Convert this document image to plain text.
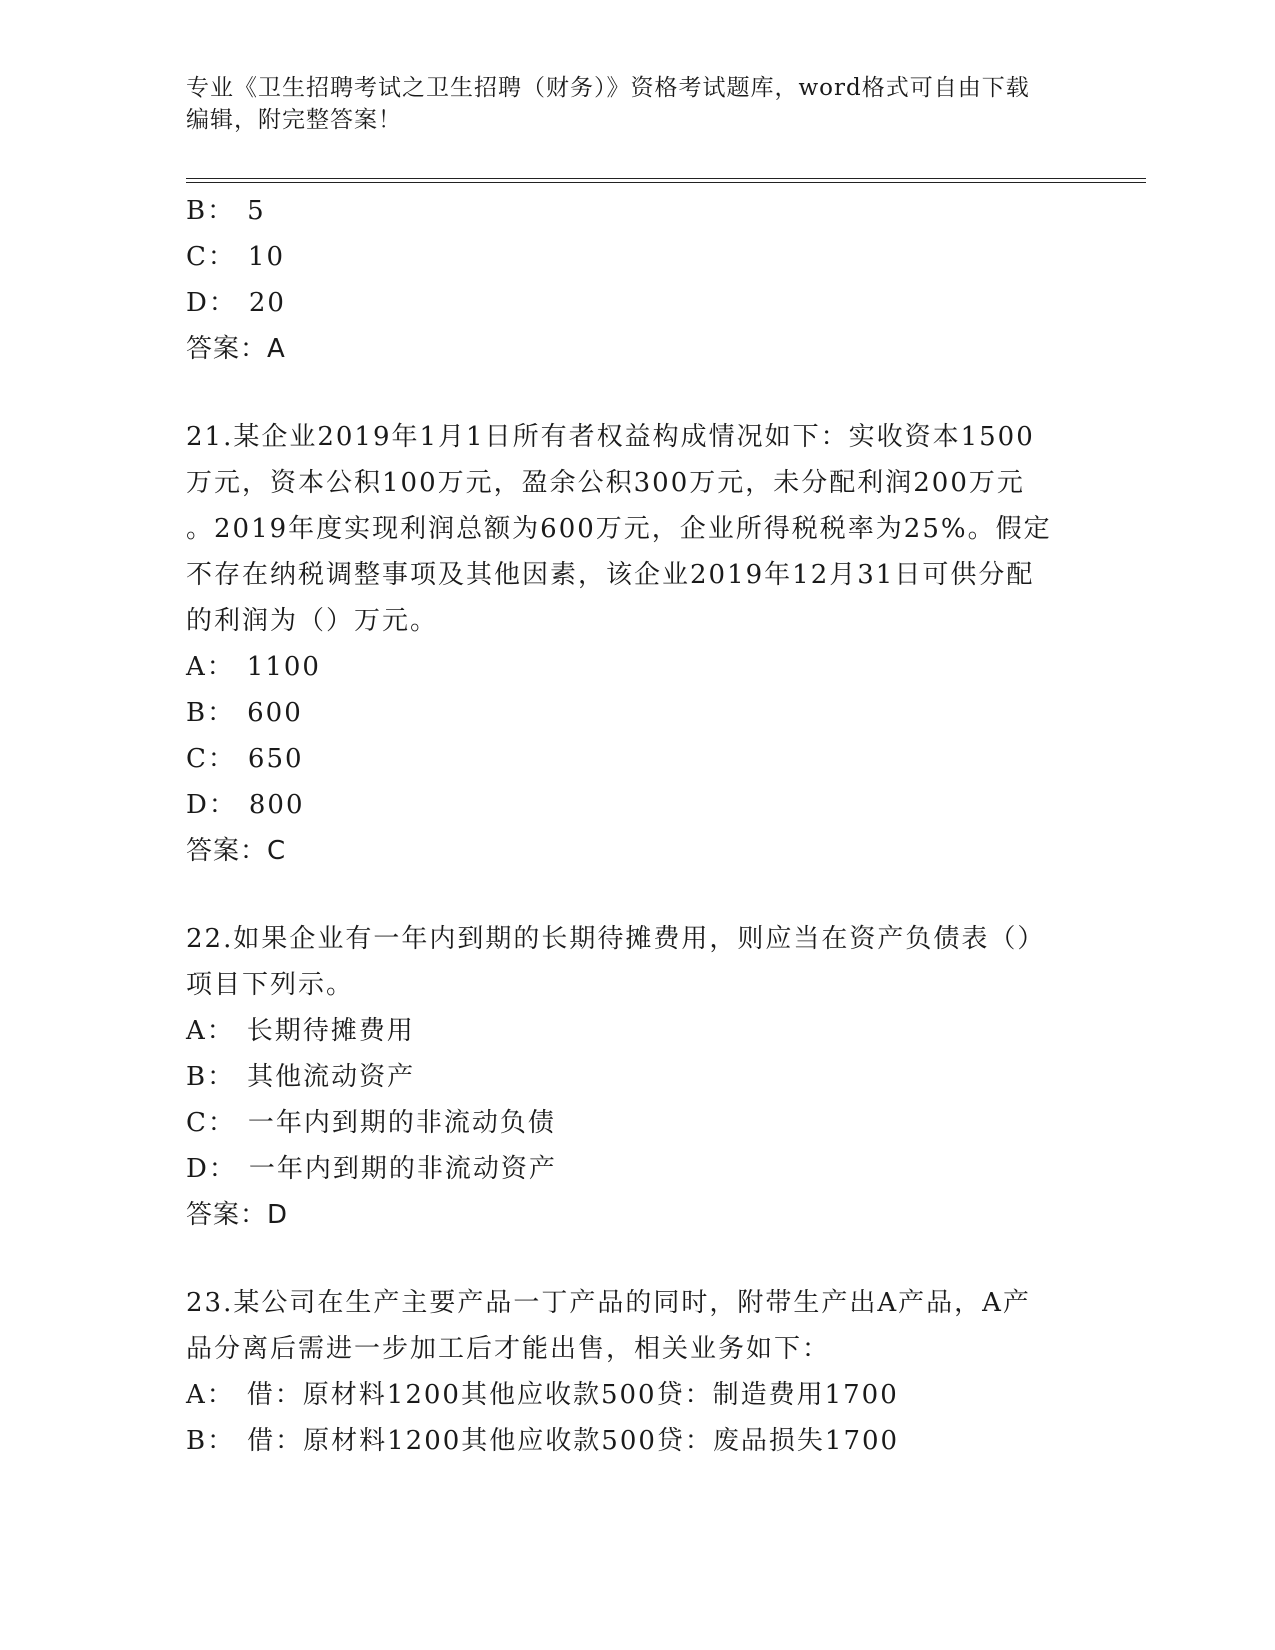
专业《卫生招聘考试之卫生招聘（财务）》资格考试题库，word格式可自由下载
编辑，附完整答案！
B： 5
C： 10
D： 20
答案：A
21.某企业2019年1月1日所有者权益构成情况如下：实收资本1500
万元，资本公积100万元，盈余公积300万元，未分配利润200万元
。2019年度实现利润总额为600万元，企业所得税税率为25%。假定
不存在纳税调整事项及其他因素，该企业2019年12月31日可供分配
的利润为（）万元。
A： 1100
B： 600
C： 650
D： 800
答案：C
22.如果企业有一年内到期的长期待摊费用，则应当在资产负债表（）
项目下列示。
A： 长期待摊费用
B： 其他流动资产
C： 一年内到期的非流动负债
D： 一年内到期的非流动资产
答案：D
23.某公司在生产主要产品一丁产品的同时，附带生产出A产品，A产
品分离后需进一步加工后才能出售，相关业务如下：
A： 借：原材料1200其他应收款500贷：制造费用1700
B： 借：原材料1200其他应收款500贷：废品损失1700
